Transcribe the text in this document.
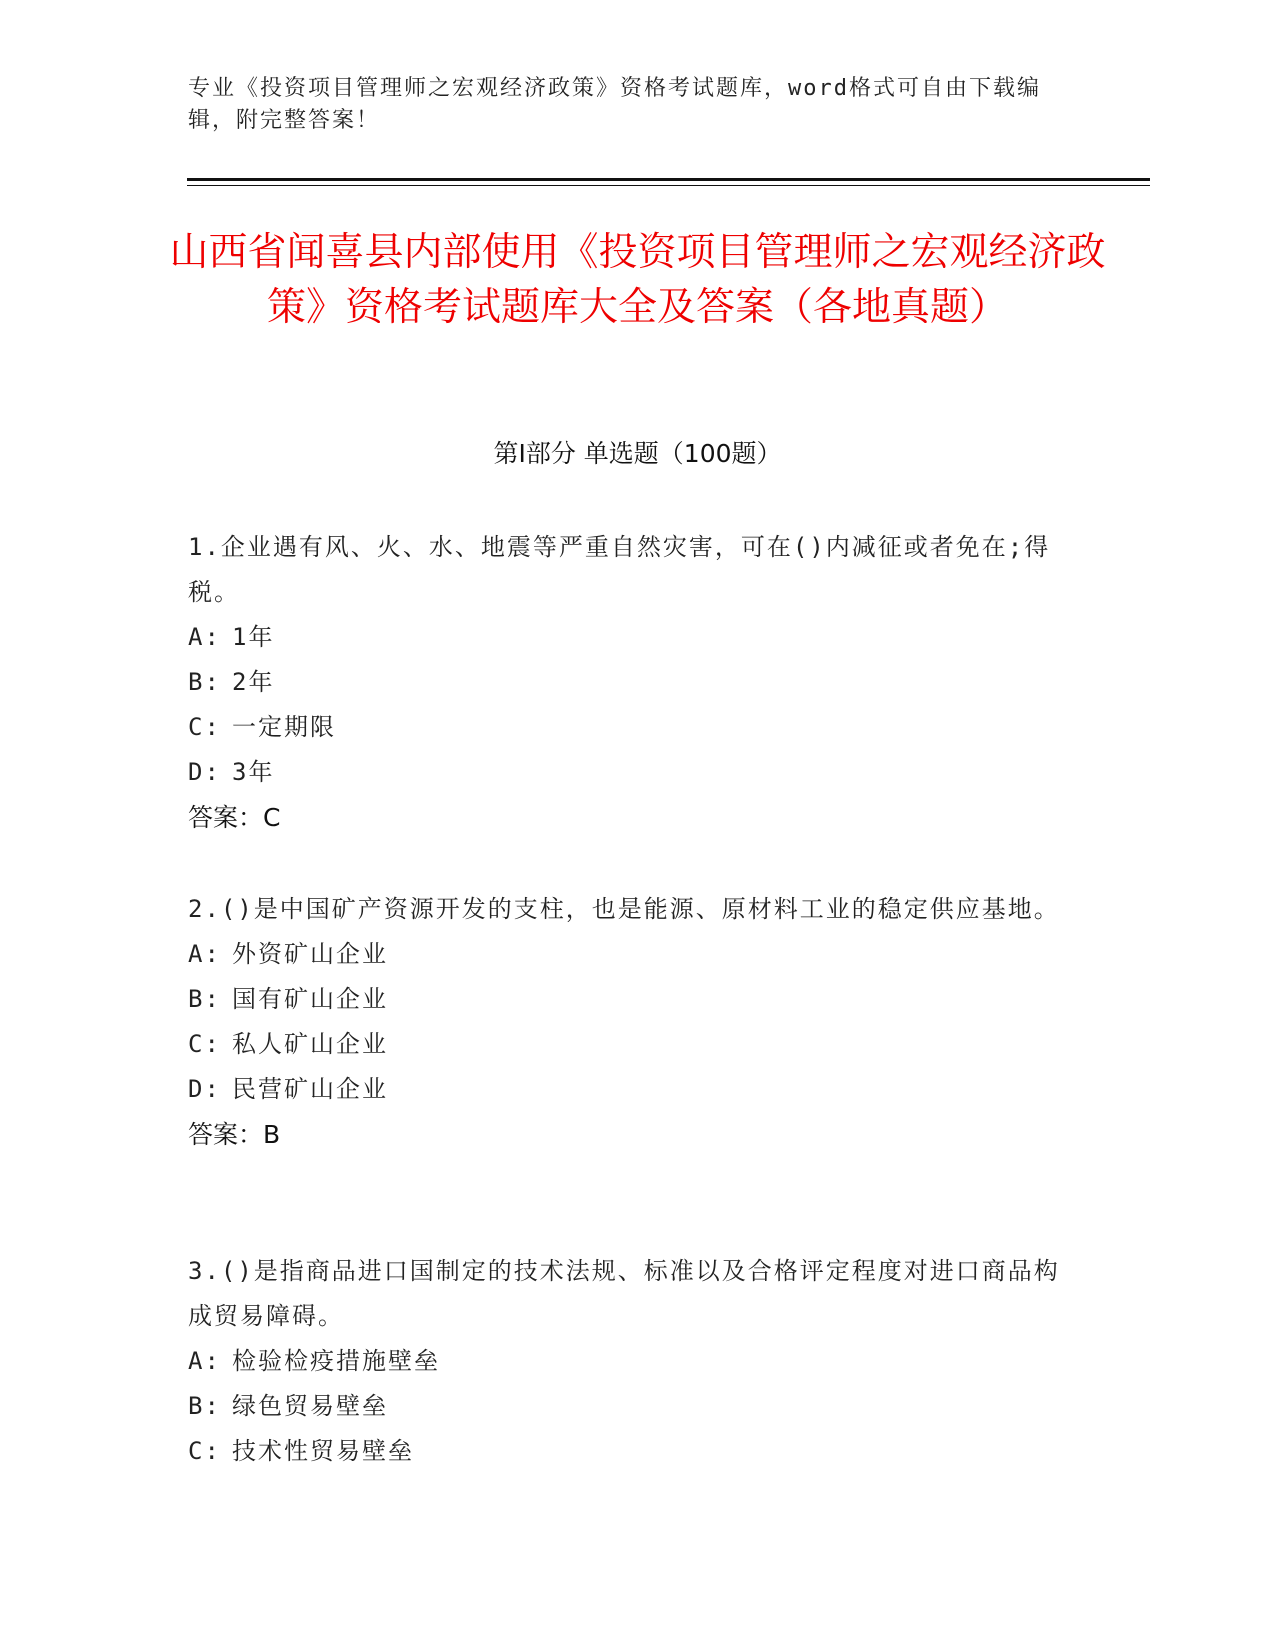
专业《投资项目管理师之宏观经济政策》资格考试题库，word格式可自由下载编辑，附完整答案！
山西省闻喜县内部使用《投资项目管理师之宏观经济政策》资格考试题库大全及答案（各地真题）
第Ⅰ部分 单选题（100题）
1.企业遇有风、火、水、地震等严重自然灾害，可在()内减征或者免在;得税。
A: 1年
B: 2年
C: 一定期限
D: 3年
答案：C
2.()是中国矿产资源开发的支柱，也是能源、原材料工业的稳定供应基地。
A: 外资矿山企业
B: 国有矿山企业
C: 私人矿山企业
D: 民营矿山企业
答案：B
3.()是指商品进口国制定的技术法规、标准以及合格评定程度对进口商品构成贸易障碍。
A: 检验检疫措施壁垒
B: 绿色贸易壁垒
C: 技术性贸易壁垒
